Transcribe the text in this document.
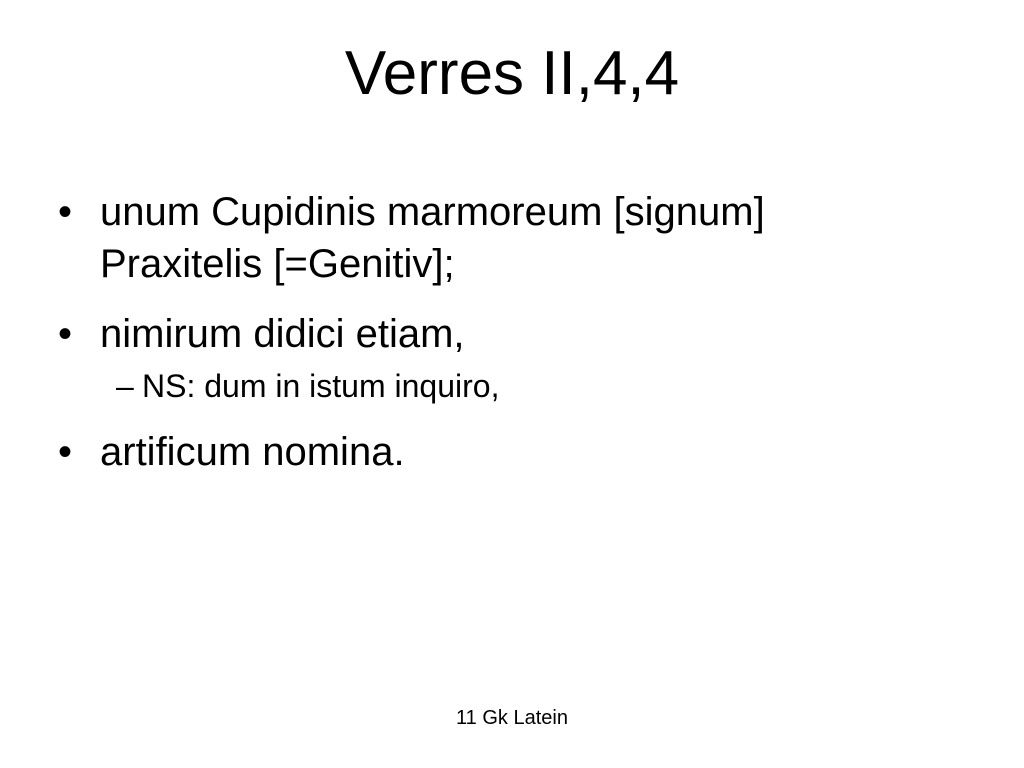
Verres II,4,4
• unum Cupidinis marmoreum [signum]
Praxitelis [=Genitiv];
• nimirum didici etiam,
– NS: dum in istum inquiro,
• artificum nomina.
11 Gk Latein
